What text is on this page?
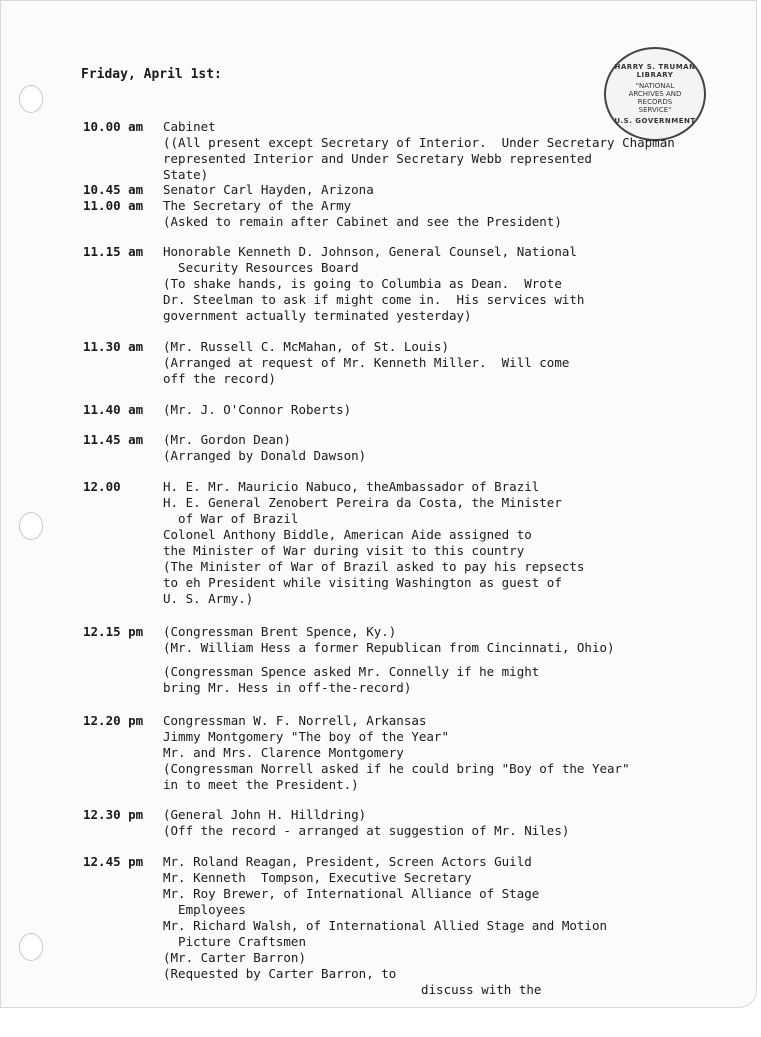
HARRY S. TRUMAN LIBRARY
"NATIONAL
ARCHIVES AND
RECORDS
SERVICE"
U.S. GOVERNMENT
Friday, April 1st:
10.00 am	Cabinet
((All present except Secretary of Interior.  Under Secretary Chapman
represented Interior and Under Secretary Webb represented
State)
10.45 am	Senator Carl Hayden, Arizona
11.00 am	The Secretary of the Army
(Asked to remain after Cabinet and see the President)
11.15 am	Honorable Kenneth D. Johnson, General Counsel, National
Security Resources Board
(To shake hands, is going to Columbia as Dean.  Wrote
Dr. Steelman to ask if might come in.  His services with
government actually terminated yesterday)
11.30 am	(Mr. Russell C. McMahan, of St. Louis)
(Arranged at request of Mr. Kenneth Miller.  Will come
off the record)
11.40 am	(Mr. J. O'Connor Roberts)
11.45 am	(Mr. Gordon Dean)
(Arranged by Donald Dawson)
12.00	H. E. Mr. Mauricio Nabuco, theAmbassador of Brazil
H. E. General Zenobert Pereira da Costa, the Minister
of War of Brazil
Colonel Anthony Biddle, American Aide assigned to
the Minister of War during visit to this country
(The Minister of War of Brazil asked to pay his repsects
to eh President while visiting Washington as guest of
U. S. Army.)
12.15 pm	(Congressman Brent Spence, Ky.)
(Mr. William Hess a former Republican from Cincinnati, Ohio)
(Congressman Spence asked Mr. Connelly if he might
bring Mr. Hess in off-the-record)
12.20 pm	Congressman W. F. Norrell, Arkansas
Jimmy Montgomery "The boy of the Year"
Mr. and Mrs. Clarence Montgomery
(Congressman Norrell asked if he could bring "Boy of the Year"
in to meet the President.)
12.30 pm	(General John H. Hilldring)
(Off the record - arranged at suggestion of Mr. Niles)
12.45 pm	Mr. Roland Reagan, President, Screen Actors Guild
Mr. Kenneth  Tompson, Executive Secretary
Mr. Roy Brewer, of International Alliance of Stage
Employees
Mr. Richard Walsh, of International Allied Stage and Motion
Picture Craftsmen
(Mr. Carter Barron)
(Requested by Carter Barron, to
discuss with the
